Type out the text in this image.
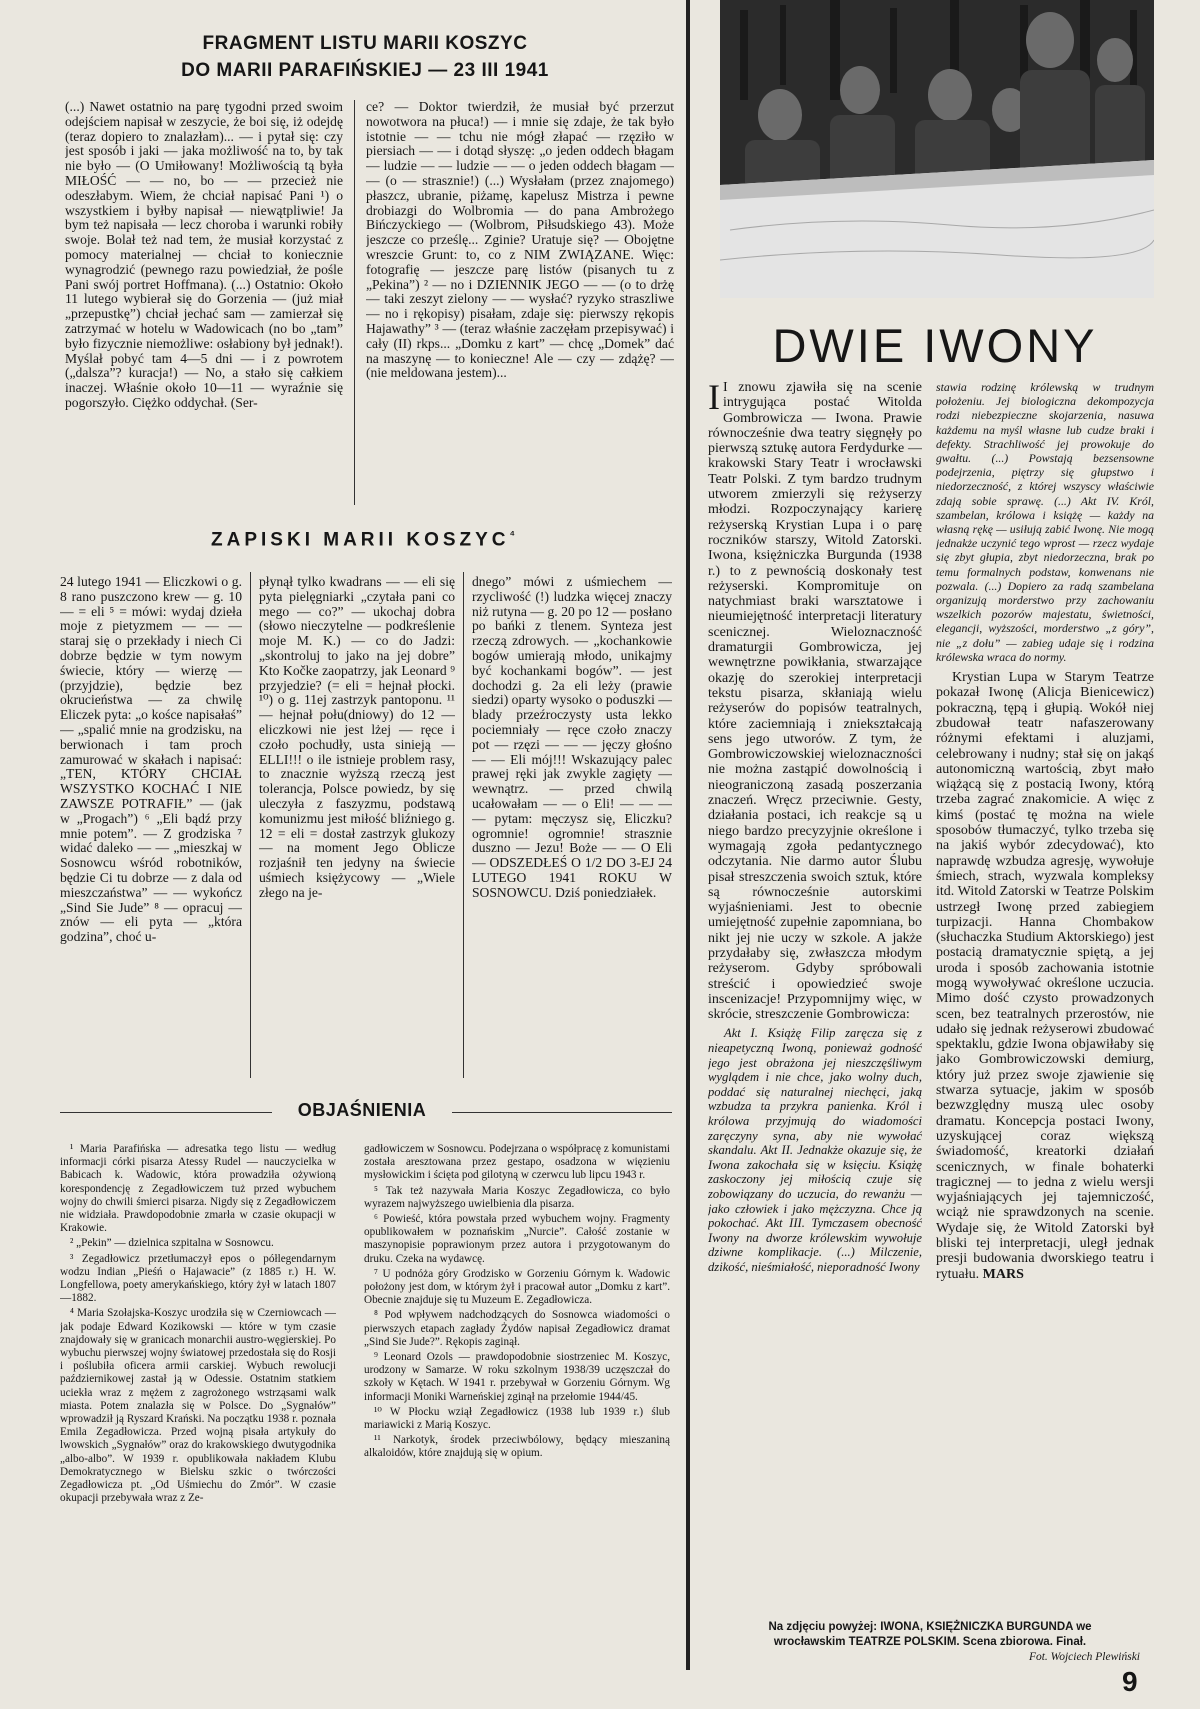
FRAGMENT LISTU MARII KOSZYC
DO MARII PARAFIŃSKIEJ — 23 III 1941

(...) Nawet ostatnio na parę tygodni przed swoim odejściem napisał w zeszycie, że boi się, iż odejdę (teraz dopiero to znalazłam)... — i pytał się: czy jest sposób i jaki — jaka możliwość na to, by tak nie było — (O Umiłowany! Możliwością tą była MIŁOŚĆ — — no, bo — — przecież nie odeszłabym. Wiem, że chciał napisać Pani ¹) o wszystkiem i byłby napisał — niewątpliwie! Ja bym też napisała — lecz choroba i warunki robiły swoje. Bolał też nad tem, że musiał korzystać z pomocy materialnej — chciał to koniecznie wynagrodzić (pewnego razu powiedział, że pośle Pani swój portret Hoffmana). (...) Ostatnio: Około 11 lutego wybierał się do Gorzenia — (już miał „przepustkę”) chciał jechać sam — zamierzał się zatrzymać w hotelu w Wadowicach (no bo „tam” było fizycznie niemożliwe: osłabiony był jednak!). Myślał pobyć tam 4—5 dni — i z powrotem („dalsza”? kuracja!) — No, a stało się całkiem inaczej. Właśnie około 10—11 — wyraźnie się pogorszyło. Ciężko oddychał. (Ser-

ce? — Doktor twierdził, że musiał być przerzut nowotwora na płuca!) — i mnie się zdaje, że tak było istotnie — — tchu nie mógł złapać — rzęziło w piersiach — — i dotąd słyszę: „o jeden oddech błagam — ludzie — — ludzie — — o jeden oddech błagam — — (o — strasznie!) (...) Wysłałam (przez znajomego) płaszcz, ubranie, piżamę, kapelusz Mistrza i pewne drobiazgi do Wolbromia — do pana Ambrożego Bińczyckiego — (Wolbrom, Piłsudskiego 43). Może jeszcze co prześlę... Zginie? Uratuje się? — Obojętne wreszcie Grunt: to, co z NIM ZWIĄZANE. Więc: fotografię — jeszcze parę listów (pisanych tu z „Pekina”) ² — no i DZIENNIK JEGO — — (o to drżę — taki zeszyt zielony — — wysłać? ryzyko straszliwe — no i rękopisy) pisałam, zdaje się: pierwszy rękopis Hajawathy” ³ — (teraz właśnie zaczęłam przepisywać) i cały (II) rkps... „Domku z kart” — chcę „Domek” dać na maszynę — to konieczne! Ale — czy — zdążę? — (nie meldowana jestem)...

ZAPISKI MARII $KOSZYC^{^4}$

24 lutego 1941 — Eliczkowi o g. 8 rano puszczono krew — g. 10 — = eli ⁵ = mówi: wydaj dzieła moje z pietyzmem — — — staraj się o przekłady i niech Ci dobrze będzie w tym nowym świecie, który — wierzę — (przyjdzie), będzie bez okrucieństwa — za chwilę Eliczek pyta: „o kośce napisałaś” — „spalić mnie na grodzisku, na berwionach i tam proch zamurować w skałach i napisać: „TEN, KTÓRY CHCIAŁ WSZYSTKO KOCHAĆ I NIE ZAWSZE POTRAFIŁ” — (jak w „Progach”) ⁶ „Eli bądź przy mnie potem”. — Z grodziska ⁷ widać daleko — — „mieszkaj w Sosnowcu wśród robotników, będzie Ci tu dobrze — z dala od mieszczaństwa” — — wykończ „Sind Sie Jude” ⁸ — opracuj — znów — eli pyta — „która godzina”, choć u-

płynął tylko kwadrans — — eli się pyta pielęgniarki „czytała pani co mego — co?” — ukochaj dobra (słowo nieczytelne — podkreślenie moje M. K.) — co do Jadzi: „skontroluj to jako na jej dobre” Kto Kočke zaopatrzy, jak Leonard ⁹ przyjedzie? (= eli = hejnał płocki. ¹⁰) o g. 11ej zastrzyk pantoponu. ¹¹ — hejnał połu(dniowy) do 12 — eliczkowi nie jest lżej — ręce i czoło pochudły, usta sinieją — ELLI!!! o ile istnieje problem rasy, to znacznie wyższą rzeczą jest tolerancja, Polsce powiedz, by się uleczyła z faszyzmu, podstawą komunizmu jest miłość bliźniego g. 12 = eli = dostał zastrzyk glukozy — na moment Jego Oblicze rozjaśnił ten jedyny na świecie uśmiech księżycowy — „Wiele złego na je-

dnego” mówi z uśmiechem — rzycliwość (!) ludzka więcej znaczy niż rutyna — g. 20 po 12 — posłano po bańki z tlenem. Synteza jest rzeczą zdrowych. — „kochankowie bogów umierają młodo, unikajmy być kochankami bogów”. — jest dochodzi g. 2a eli leży (prawie siedzi) oparty wysoko o poduszki — blady przeźroczysty usta lekko pociemniały — ręce czoło znaczy pot — rzęzi — — — jęczy głośno — — Eli mój!!! Wskazujący palec prawej ręki jak zwykle zagięty — wewnątrz. — przed chwilą ucałowałam — — o Eli! — — — — pytam: męczysz się, Eliczku? ogromnie! ogromnie! strasznie duszno — Jezu! Boże — — O Eli — ODSZEDŁEŚ O 1/2 DO 3-EJ 24 LUTEGO 1941 ROKU W SOSNOWCU. Dziś poniedziałek.

OBJAŚNIENIA

¹ Maria Parafińska — adresatka tego listu — według informacji córki pisarza Atessy Rudel — nauczycielka w Babicach k. Wadowic, która prowadziła ożywioną korespondencję z Zegadłowiczem tuż przed wybuchem wojny do chwili śmierci pisarza. Nigdy się z Zegadłowiczem nie widziała. Prawdopodobnie zmarła w czasie okupacji w Krakowie.

² „Pekin” — dzielnica szpitalna w Sosnowcu.

³ Zegadłowicz przetłumaczył epos o półlegendarnym wodzu Indian „Pieśń o Hajawacie” (z 1885 r.) H. W. Longfellowa, poety amerykańskiego, który żył w latach 1807—1882.

⁴ Maria Szołajska-Koszyc urodziła się w Czerniowcach — jak podaje Edward Kozikowski — które w tym czasie znajdowały się w granicach monarchii austro-węgierskiej. Po wybuchu pierwszej wojny światowej przedostała się do Rosji i poślubiła oficera armii carskiej. Wybuch rewolucji październikowej zastał ją w Odessie. Ostatnim statkiem uciekła wraz z mężem z zagrożonego wstrząsami walk miasta. Potem znalazła się w Polsce. Do „Sygnałów” wprowadził ją Ryszard Krański. Na początku 1938 r. poznała Emila Zegadłowicza. Przed wojną pisała artykuły do lwowskich „Sygnałów” oraz do krakowskiego dwutygodnika „albo-albo”. W 1939 r. opublikowała nakładem Klubu Demokratycznego w Bielsku szkic o twórczości Zegadłowicza pt. „Od Uśmiechu do Zmór”. W czasie okupacji przebywała wraz z Ze-

gadłowiczem w Sosnowcu. Podejrzana o współpracę z komunistami została aresztowana przez gestapo, osadzona w więzieniu mysłowickim i ścięta pod gilotyną w czerwcu lub lipcu 1943 r.

⁵ Tak też nazywała Maria Koszyc Zegadłowicza, co było wyrazem najwyższego uwielbienia dla pisarza.

⁶ Powieść, która powstała przed wybuchem wojny. Fragmenty opublikowałem w poznańskim „Nurcie”. Całość zostanie w maszynopisie poprawionym przez autora i przygotowanym do druku. Czeka na wydawcę.

⁷ U podnóża góry Grodzisko w Gorzeniu Górnym k. Wadowic położony jest dom, w którym żył i pracował autor „Domku z kart”. Obecnie znajduje się tu Muzeum E. Zegadłowicza.

⁸ Pod wpływem nadchodzących do Sosnowca wiadomości o pierwszych etapach zagłady Żydów napisał Zegadłowicz dramat „Sind Sie Jude?”. Rękopis zaginął.

⁹ Leonard Ozols — prawdopodobnie siostrzeniec M. Koszyc, urodzony w Samarze. W roku szkolnym 1938/39 uczęszczał do szkoły w Kętach. W 1941 r. przebywał w Gorzeniu Górnym. Wg informacji Moniki Warneńskiej zginął na przełomie 1944/45.

¹⁰ W Płocku wziął Zegadłowicz (1938 lub 1939 r.) ślub mariawicki z Marią Koszyc.

¹¹ Narkotyk, środek przeciwbólowy, będący mieszaniną alkaloidów, które znajdują się w opium.

DWIE IWONY

I I znowu zjawiła się na scenie intrygująca postać Witolda Gombrowicza — Iwona. Prawie równocześnie dwa teatry sięgnęły po pierwszą sztukę autora Ferdydurke — krakowski Stary Teatr i wrocławski Teatr Polski. Z tym bardzo trudnym utworem zmierzyli się reżyserzy młodzi. Rozpoczynający karierę reżyserską Krystian Lupa i o parę roczników starszy, Witold Zatorski. Iwona, księżniczka Burgunda (1938 r.) to z pewnością doskonały test reżyserski. Kompromituje on natychmiast braki warsztatowe i nieumiejętność interpretacji literatury scenicznej. Wieloznaczność dramaturgii Gombrowicza, jej wewnętrzne powikłania, stwarzające okazję do szerokiej interpretacji tekstu pisarza, skłaniają wielu reżyserów do popisów teatralnych, które zaciemniają i zniekształcają sens jego utworów. Z tym, że Gombrowiczowskiej wieloznaczności nie można zastąpić dowolnością i nieograniczoną zasadą poszerzania znaczeń. Wręcz przeciwnie. Gesty, działania postaci, ich reakcje są u niego bardzo precyzyjnie określone i wymagają zgoła pedantycznego odczytania. Nie darmo autor Ślubu pisał streszczenia swoich sztuk, które są równocześnie autorskimi wyjaśnieniami. Jest to obecnie umiejętność zupełnie zapomniana, bo nikt jej nie uczy w szkole. A jakże przydałaby się, zwłaszcza młodym reżyserom. Gdyby spróbowali streścić i opowiedzieć swoje inscenizacje! Przypomnijmy więc, w skrócie, streszczenie Gombrowicza:

Akt I. Książę Filip zaręcza się z nieapetyczną Iwoną, ponieważ godność jego jest obrażona jej nieszczęśliwym wyglądem i nie chce, jako wolny duch, poddać się naturalnej niechęci, jaką wzbudza ta przykra panienka. Król i królowa przyjmują do wiadomości zaręczyny syna, aby nie wywołać skandalu. Akt II. Jednakże okazuje się, że Iwona zakochała się w księciu. Książę zaskoczony jej miłością czuje się zobowiązany do uczucia, do rewanżu — jako człowiek i jako mężczyzna. Chce ją pokochać. Akt III. Tymczasem obecność Iwony na dworze królewskim wywołuje dziwne komplikacje. (...) Milczenie, dzikość, nieśmiałość, nieporadność Iwony

stawia rodzinę królewską w trudnym położeniu. Jej biologiczna dekompozycja rodzi niebezpieczne skojarzenia, nasuwa każdemu na myśl własne lub cudze braki i defekty. Strachliwość jej prowokuje do gwałtu. (...) Powstają bezsensowne podejrzenia, piętrzy się głupstwo i niedorzeczność, z której wszyscy właściwie zdają sobie sprawę. (...) Akt IV. Król, szambelan, królowa i książę — każdy na własną rękę — usiłują zabić Iwonę. Nie mogą jednakże uczynić tego wprost — rzecz wydaje się zbyt głupia, zbyt niedorzeczna, brak po temu formalnych podstaw, konwenans nie pozwala. (...) Dopiero za radą szambelana organizują morderstwo przy zachowaniu wszelkich pozorów majestatu, świetności, elegancji, wyższości, morderstwo „z góry”, nie „z dołu” — zabieg udaje się i rodzina królewska wraca do normy.

Krystian Lupa w Starym Teatrze pokazał Iwonę (Alicja Bienicewicz) pokraczną, tępą i głupią. Wokół niej zbudował teatr nafaszerowany różnymi efektami i aluzjami, celebrowany i nudny; stał się on jakąś autonomiczną wartością, zbyt mało wiążącą się z postacią Iwony, którą trzeba zagrać znakomicie. A więc z kimś (postać tę można na wiele sposobów tłumaczyć, tylko trzeba się na jakiś wybór zdecydować), kto naprawdę wzbudza agresję, wywołuje śmiech, strach, wyzwala kompleksy itd. Witold Zatorski w Teatrze Polskim ustrzegł Iwonę przed zabiegiem turpizacji. Hanna Chombakow (słuchaczka Studium Aktorskiego) jest postacią dramatycznie spiętą, a jej uroda i sposób zachowania istotnie mogą wywoływać określone uczucia. Mimo dość czysto prowadzonych scen, bez teatralnych przerostów, nie udało się jednak reżyserowi zbudować spektaklu, gdzie Iwona objawiłaby się jako Gombrowiczowski demiurg, który już przez swoje zjawienie się stwarza sytuacje, jakim w sposób bezwzględny muszą ulec osoby dramatu. Koncepcja postaci Iwony, uzyskującej coraz większą świadomość, kreatorki działań scenicznych, w finale bohaterki tragicznej — to jedna z wielu wersji wyjaśniających jej tajemniczość, wciąż nie sprawdzonych na scenie. Wydaje się, że Witold Zatorski był bliski tej interpretacji, uległ jednak presji budowania dworskiego teatru i rytuału. MARS

Na zdjęciu powyżej: IWONA, KSIĘŻNICZKA BURGUNDA we
wrocławskim TEATRZE POLSKIM. Scena zbiorowa. Finał.
Fot. Wojciech Plewiński
9
